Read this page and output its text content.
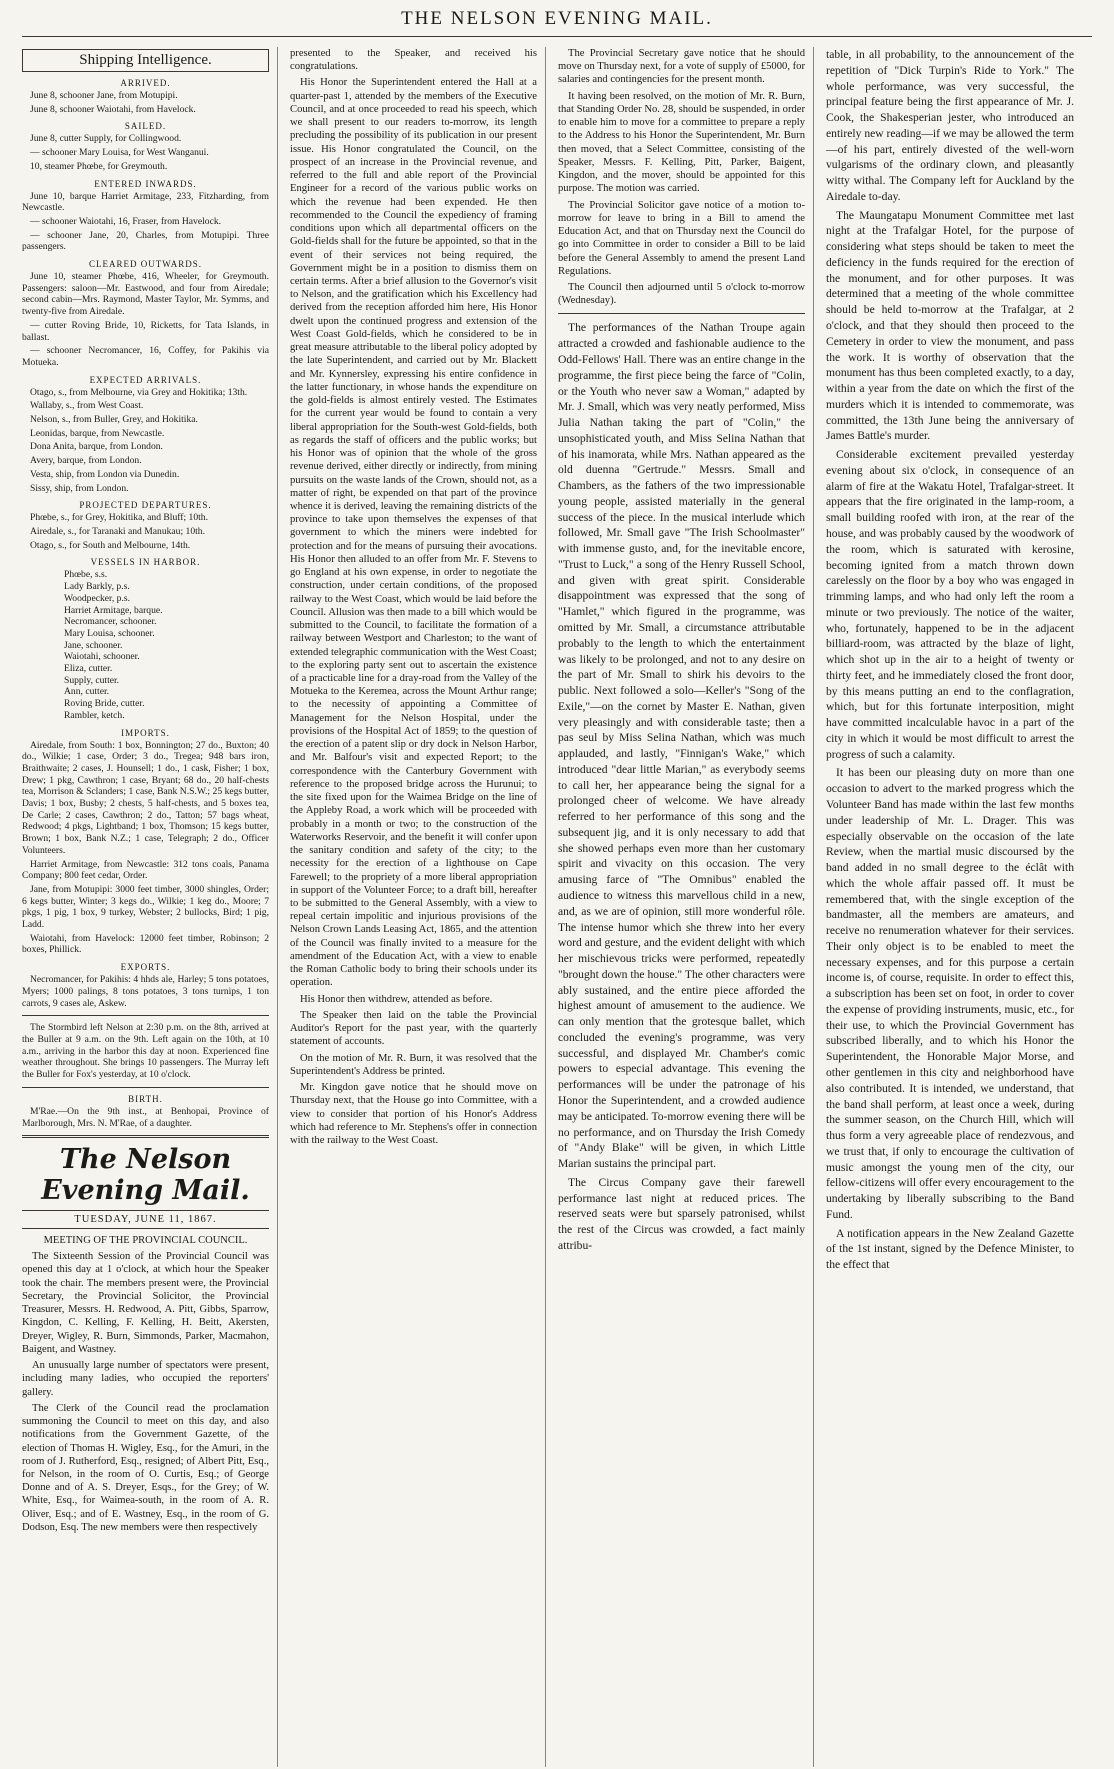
THE NELSON EVENING MAIL.
Shipping Intelligence.
ARRIVED.

June 8, schooner Jane, from Motupipi.

June 8, schooner Waiotahi, from Havelock.

SAILED.

June 8, cutter Supply, for Collingwood.

— schooner Mary Louisa, for West Wanganui.

10, steamer Phœbe, for Greymouth.

ENTERED INWARDS.

June 10, barque Harriet Armitage, 233, Fitzharding, from Newcastle.

— schooner Waiotahi, 16, Fraser, from Havelock.

— schooner Jane, 20, Charles, from Motupipi. Three passengers.

CLEARED OUTWARDS.

June 10, steamer Phœbe, 416, Wheeler, for Greymouth. Passengers: saloon—Mr. Eastwood, and four from Airedale; second cabin—Mrs. Raymond, Master Taylor, Mr. Symms, and twenty-five from Airedale.

— cutter Roving Bride, 10, Ricketts, for Tata Islands, in ballast.

— schooner Necromancer, 16, Coffey, for Pakihis via Motueka.

EXPECTED ARRIVALS.

Otago, s., from Melbourne, via Grey and Hokitika; 13th.

Wallaby, s., from West Coast.

Nelson, s., from Buller, Grey, and Hokitika.

Leonidas, barque, from Newcastle.

Dona Anita, barque, from London.

Avery, barque, from London.

Vesta, ship, from London via Dunedin.

Sissy, ship, from London.

PROJECTED DEPARTURES.

Phœbe, s., for Grey, Hokitika, and Bluff; 10th.

Airedale, s., for Taranaki and Manukau; 10th.

Otago, s., for South and Melbourne, 14th.

VESSELS IN HARBOR.
Phœbe, s.s.
Lady Barkly, p.s.
Woodpecker, p.s.
Harriet Armitage, barque.
Necromancer, schooner.
Mary Louisa, schooner.
Jane, schooner.
Waiotahi, schooner.
Eliza, cutter.
Supply, cutter.
Ann, cutter.
Roving Bride, cutter.
Rambler, ketch.
IMPORTS.

Airedale, from South: 1 box, Bonnington; 27 do., Buxton; 40 do., Wilkie; 1 case, Order; 3 do., Tregea; 948 bars iron, Braithwaite; 2 cases, J. Hounsell; 1 do., 1 cask, Fisher; 1 box, Drew; 1 pkg, Cawthron; 1 case, Bryant; 68 do., 20 half-chests tea, Morrison & Sclanders; 1 case, Bank N.S.W.; 25 kegs butter, Davis; 1 box, Busby; 2 chests, 5 half-chests, and 5 boxes tea, De Carle; 2 cases, Cawthron; 2 do., Tatton; 57 bags wheat, Redwood; 4 pkgs, Lightband; 1 box, Thomson; 15 kegs butter, Brown; 1 box, Bank N.Z.; 1 case, Telegraph; 2 do., Officer Volunteers.

Harriet Armitage, from Newcastle: 312 tons coals, Panama Company; 800 feet cedar, Order.

Jane, from Motupipi: 3000 feet timber, 3000 shingles, Order; 6 kegs butter, Winter; 3 kegs do., Wilkie; 1 keg do., Moore; 7 pkgs, 1 pig, 1 box, 9 turkey, Webster; 2 bullocks, Bird; 1 pig, Ladd.

Waiotahi, from Havelock: 12000 feet timber, Robinson; 2 boxes, Phillick.

EXPORTS.

Necromancer, for Pakihis: 4 hhds ale, Harley; 5 tons potatoes, Myers; 1000 palings, 8 tons potatoes, 3 tons turnips, 1 ton carrots, 9 cases ale, Askew.

The Stormbird left Nelson at 2:30 p.m. on the 8th, arrived at the Buller at 9 a.m. on the 9th. Left again on the 10th, at 10 a.m., arriving in the harbor this day at noon. Experienced fine weather throughout. She brings 10 passengers. The Murray left the Buller for Fox's yesterday, at 10 o'clock.

BIRTH.

M'Rae.—On the 9th inst., at Benhopai, Province of Marlborough, Mrs. N. M'Rae, of a daughter.

The Nelson Evening Mail.
TUESDAY, JUNE 11, 1867.
MEETING OF THE PROVINCIAL COUNCIL.

The Sixteenth Session of the Provincial Council was opened this day at 1 o'clock, at which hour the Speaker took the chair. The members present were, the Provincial Secretary, the Provincial Solicitor, the Provincial Treasurer, Messrs. H. Redwood, A. Pitt, Gibbs, Sparrow, Kingdon, C. Kelling, F. Kelling, H. Beitt, Akersten, Dreyer, Wigley, R. Burn, Simmonds, Parker, Macmahon, Baigent, and Wastney.

An unusually large number of spectators were present, including many ladies, who occupied the reporters' gallery.

The Clerk of the Council read the proclamation summoning the Council to meet on this day, and also notifications from the Government Gazette, of the election of Thomas H. Wigley, Esq., for the Amuri, in the room of J. Rutherford, Esq., resigned; of Albert Pitt, Esq., for Nelson, in the room of O. Curtis, Esq.; of George Donne and of A. S. Dreyer, Esqs., for the Grey; of W. White, Esq., for Waimea-south, in the room of A. R. Oliver, Esq.; and of E. Wastney, Esq., in the room of G. Dodson, Esq. The new members were then respectively

presented to the Speaker, and received his congratulations.

His Honor the Superintendent entered the Hall at a quarter-past 1, attended by the members of the Executive Council, and at once proceeded to read his speech, which we shall present to our readers to-morrow, its length precluding the possibility of its publication in our present issue. His Honor congratulated the Council, on the prospect of an increase in the Provincial revenue, and referred to the full and able report of the Provincial Engineer for a record of the various public works on which the revenue had been expended. He then recommended to the Council the expediency of framing conditions upon which all departmental officers on the Gold-fields shall for the future be appointed, so that in the event of their services not being required, the Government might be in a position to dismiss them on certain terms. After a brief allusion to the Governor's visit to Nelson, and the gratification which his Excellency had derived from the reception afforded him here, His Honor dwelt upon the continued progress and extension of the West Coast Gold-fields, which he considered to be in great measure attributable to the liberal policy adopted by the late Superintendent, and carried out by Mr. Blackett and Mr. Kynnersley, expressing his entire confidence in the latter functionary, in whose hands the expenditure on the gold-fields is almost entirely vested. The Estimates for the current year would be found to contain a very liberal appropriation for the South-west Gold-fields, both as regards the staff of officers and the public works; but his Honor was of opinion that the whole of the gross revenue derived, either directly or indirectly, from mining pursuits on the waste lands of the Crown, should not, as a matter of right, be expended on that part of the province whence it is derived, leaving the remaining districts of the province to take upon themselves the expenses of that government to which the miners were indebted for protection and for the means of pursuing their avocations. His Honor then alluded to an offer from Mr. F. Stevens to go England at his own expense, in order to negotiate the construction, under certain conditions, of the proposed railway to the West Coast, which would be laid before the Council. Allusion was then made to a bill which would be submitted to the Council, to facilitate the formation of a railway between Westport and Charleston; to the want of extended telegraphic communication with the West Coast; to the exploring party sent out to ascertain the existence of a practicable line for a dray-road from the Valley of the Motueka to the Keremea, across the Mount Arthur range; to the necessity of appointing a Committee of Management for the Nelson Hospital, under the provisions of the Hospital Act of 1859; to the question of the erection of a patent slip or dry dock in Nelson Harbor, and Mr. Balfour's visit and expected Report; to the correspondence with the Canterbury Government with reference to the proposed bridge across the Hurunui; to the site fixed upon for the Waimea Bridge on the line of the Appleby Road, a work which will be proceeded with probably in a month or two; to the construction of the Waterworks Reservoir, and the benefit it will confer upon the sanitary condition and safety of the city; to the necessity for the erection of a lighthouse on Cape Farewell; to the propriety of a more liberal appropriation in support of the Volunteer Force; to a draft bill, hereafter to be submitted to the General Assembly, with a view to repeal certain impolitic and injurious provisions of the Nelson Crown Lands Leasing Act, 1865, and the attention of the Council was finally invited to a measure for the amendment of the Education Act, with a view to enable the Roman Catholic body to bring their schools under its operation.

His Honor then withdrew, attended as before.

The Speaker then laid on the table the Provincial Auditor's Report for the past year, with the quarterly statement of accounts.

On the motion of Mr. R. Burn, it was resolved that the Superintendent's Address be printed.

Mr. Kingdon gave notice that he should move on Thursday next, that the House go into Committee, with a view to consider that portion of his Honor's Address which had reference to Mr. Stephens's offer in connection with the railway to the West Coast.

The Provincial Secretary gave notice that he should move on Thursday next, for a vote of supply of £5000, for salaries and contingencies for the present month.

It having been resolved, on the motion of Mr. R. Burn, that Standing Order No. 28, should be suspended, in order to enable him to move for a committee to prepare a reply to the Address to his Honor the Superintendent, Mr. Burn then moved, that a Select Committee, consisting of the Speaker, Messrs. F. Kelling, Pitt, Parker, Baigent, Kingdon, and the mover, should be appointed for this purpose. The motion was carried.

The Provincial Solicitor gave notice of a motion to-morrow for leave to bring in a Bill to amend the Education Act, and that on Thursday next the Council do go into Committee in order to consider a Bill to be laid before the General Assembly to amend the present Land Regulations.

The Council then adjourned until 5 o'clock to-morrow (Wednesday).

The performances of the Nathan Troupe again attracted a crowded and fashionable audience to the Odd-Fellows' Hall. There was an entire change in the programme, the first piece being the farce of "Colin, or the Youth who never saw a Woman," adapted by Mr. J. Small, which was very neatly performed, Miss Julia Nathan taking the part of "Colin," the unsophisticated youth, and Miss Selina Nathan that of his inamorata, while Mrs. Nathan appeared as the old duenna "Gertrude." Messrs. Small and Chambers, as the fathers of the two impressionable young people, assisted materially in the general success of the piece. In the musical interlude which followed, Mr. Small gave "The Irish Schoolmaster" with immense gusto, and, for the inevitable encore, "Trust to Luck," a song of the Henry Russell School, and given with great spirit. Considerable disappointment was expressed that the song of "Hamlet," which figured in the programme, was omitted by Mr. Small, a circumstance attributable probably to the length to which the entertainment was likely to be prolonged, and not to any desire on the part of Mr. Small to shirk his devoirs to the public. Next followed a solo—Keller's "Song of the Exile,"—on the cornet by Master E. Nathan, given very pleasingly and with considerable taste; then a pas seul by Miss Selina Nathan, which was much applauded, and lastly, "Finnigan's Wake," which introduced "dear little Marian," as everybody seems to call her, her appearance being the signal for a prolonged cheer of welcome. We have already referred to her performance of this song and the subsequent jig, and it is only necessary to add that she showed perhaps even more than her customary spirit and vivacity on this occasion. The very amusing farce of "The Omnibus" enabled the audience to witness this marvellous child in a new, and, as we are of opinion, still more wonderful rôle. The intense humor which she threw into her every word and gesture, and the evident delight with which her mischievous tricks were performed, repeatedly "brought down the house." The other characters were ably sustained, and the entire piece afforded the highest amount of amusement to the audience. We can only mention that the grotesque ballet, which concluded the evening's programme, was very successful, and displayed Mr. Chamber's comic powers to especial advantage. This evening the performances will be under the patronage of his Honor the Superintendent, and a crowded audience may be anticipated. To-morrow evening there will be no performance, and on Thursday the Irish Comedy of "Andy Blake" will be given, in which Little Marian sustains the principal part.

The Circus Company gave their farewell performance last night at reduced prices. The reserved seats were but sparsely patronised, whilst the rest of the Circus was crowded, a fact mainly attribu-

table, in all probability, to the announcement of the repetition of "Dick Turpin's Ride to York." The whole performance, was very successful, the principal feature being the first appearance of Mr. J. Cook, the Shakesperian jester, who introduced an entirely new reading—if we may be allowed the term—of his part, entirely divested of the well-worn vulgarisms of the ordinary clown, and pleasantly witty withal. The Company left for Auckland by the Airedale to-day.

The Maungatapu Monument Committee met last night at the Trafalgar Hotel, for the purpose of considering what steps should be taken to meet the deficiency in the funds required for the erection of the monument, and for other purposes. It was determined that a meeting of the whole committee should be held to-morrow at the Trafalgar, at 2 o'clock, and that they should then proceed to the Cemetery in order to view the monument, and pass the work. It is worthy of observation that the monument has thus been completed exactly, to a day, within a year from the date on which the first of the murders which it is intended to commemorate, was committed, the 13th June being the anniversary of James Battle's murder.

Considerable excitement prevailed yesterday evening about six o'clock, in consequence of an alarm of fire at the Wakatu Hotel, Trafalgar-street. It appears that the fire originated in the lamp-room, a small building roofed with iron, at the rear of the house, and was probably caused by the woodwork of the room, which is saturated with kerosine, becoming ignited from a match thrown down carelessly on the floor by a boy who was engaged in trimming lamps, and who had only left the room a minute or two previously. The notice of the waiter, who, fortunately, happened to be in the adjacent billiard-room, was attracted by the blaze of light, which shot up in the air to a height of twenty or thirty feet, and he immediately closed the front door, by this means putting an end to the conflagration, which, but for this fortunate interposition, might have committed incalculable havoc in a part of the city in which it would be most difficult to arrest the progress of such a calamity.

It has been our pleasing duty on more than one occasion to advert to the marked progress which the Volunteer Band has made within the last few months under leadership of Mr. L. Drager. This was especially observable on the occasion of the late Review, when the martial music discoursed by the band added in no small degree to the éclât with which the whole affair passed off. It must be remembered that, with the single exception of the bandmaster, all the members are amateurs, and receive no renumeration whatever for their services. Their only object is to be enabled to meet the necessary expenses, and for this purpose a certain income is, of course, requisite. In order to effect this, a subscription has been set on foot, in order to cover the expense of providing instruments, music, etc., for their use, to which the Provincial Government has subscribed liberally, and to which his Honor the Superintendent, the Honorable Major Morse, and other gentlemen in this city and neighborhood have also contributed. It is intended, we understand, that the band shall perform, at least once a week, during the summer season, on the Church Hill, which will thus form a very agreeable place of rendezvous, and we trust that, if only to encourage the cultivation of music amongst the young men of the city, our fellow-citizens will offer every encouragement to the undertaking by liberally subscribing to the Band Fund.

A notification appears in the New Zealand Gazette of the 1st instant, signed by the Defence Minister, to the effect that
